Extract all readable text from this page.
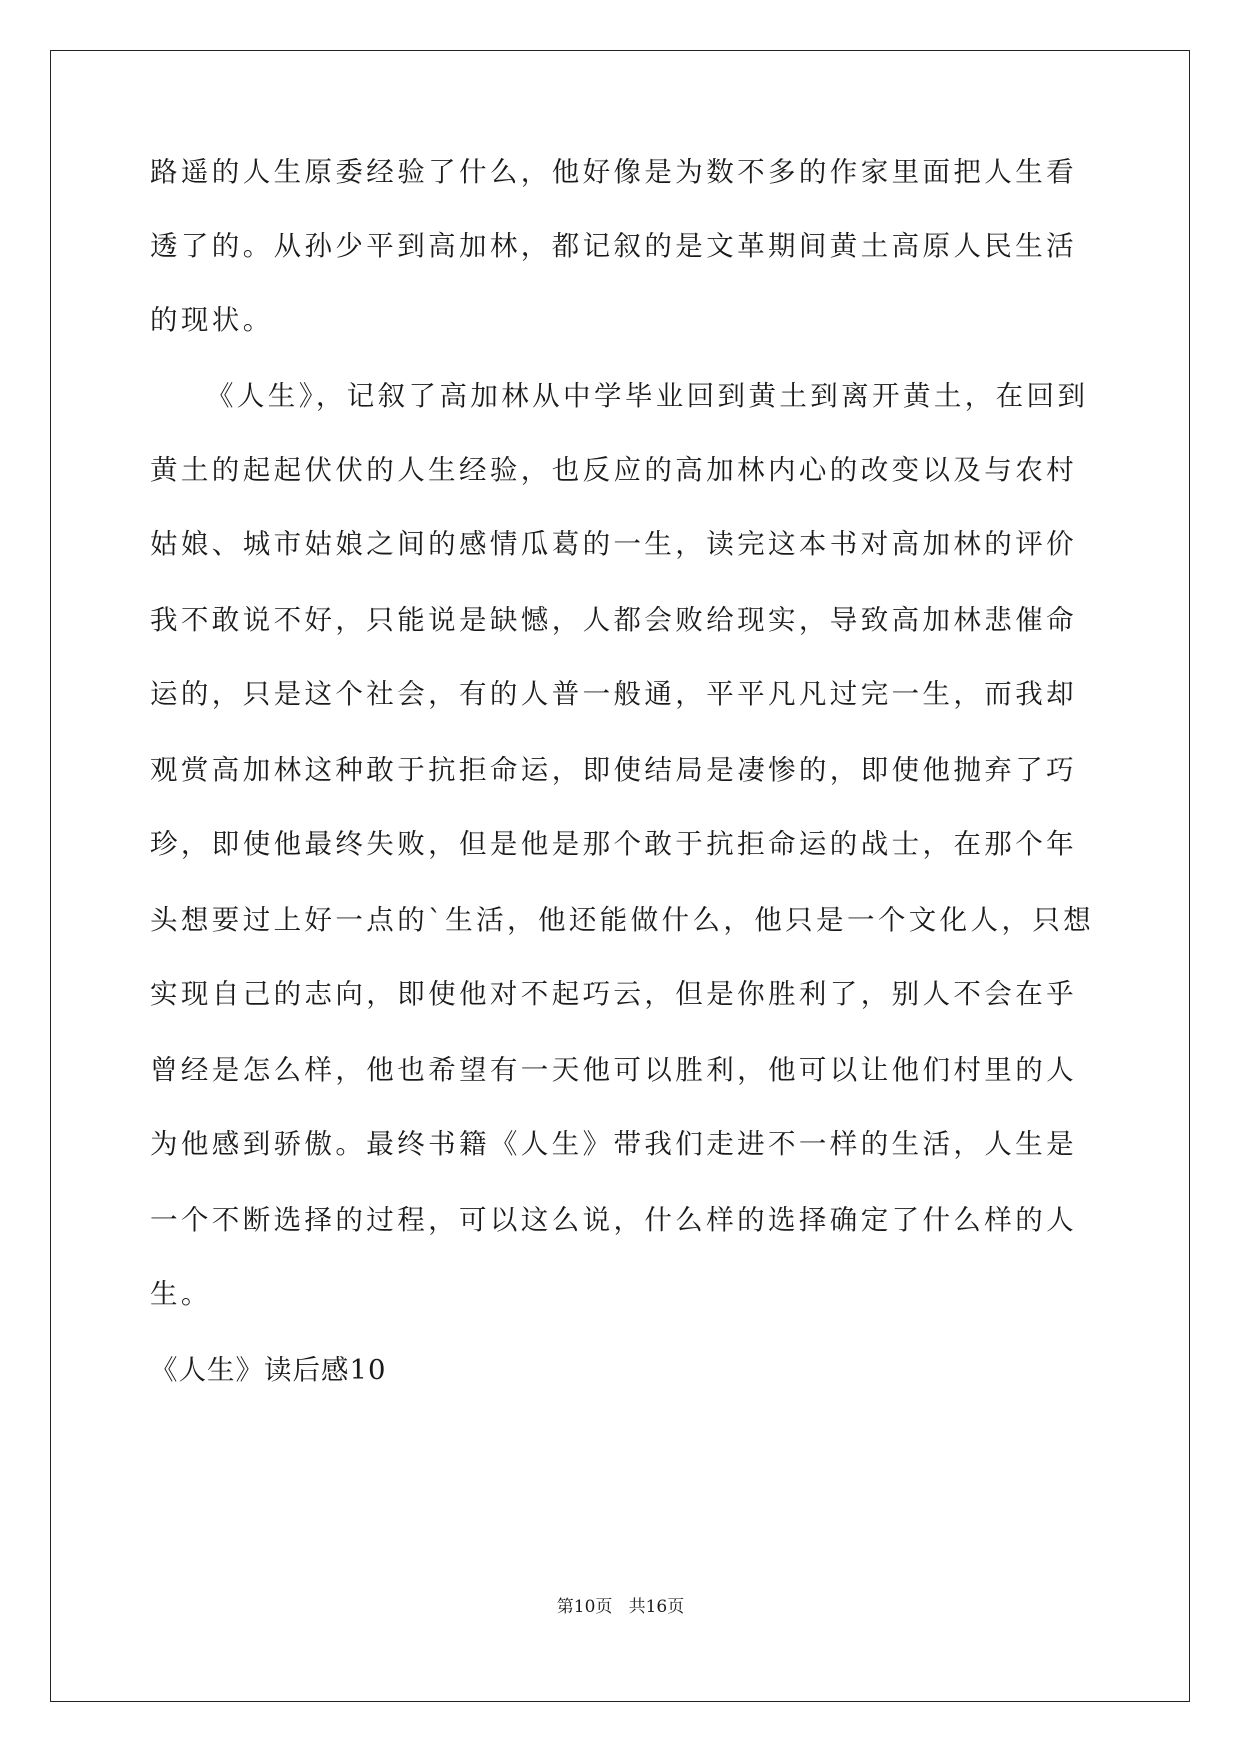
路遥的人生原委经验了什么，他好像是为数不多的作家里面把人生看
透了的。从孙少平到高加林，都记叙的是文革期间黄土高原人民生活
的现状。
《人生》，记叙了高加林从中学毕业回到黄土到离开黄土，在回到
黄土的起起伏伏的人生经验，也反应的高加林内心的改变以及与农村
姑娘、城市姑娘之间的感情瓜葛的一生，读完这本书对高加林的评价
我不敢说不好，只能说是缺憾，人都会败给现实，导致高加林悲催命
运的，只是这个社会，有的人普一般通，平平凡凡过完一生，而我却
观赏高加林这种敢于抗拒命运，即使结局是凄惨的，即使他抛弃了巧
珍，即使他最终失败，但是他是那个敢于抗拒命运的战士，在那个年
头想要过上好一点的`生活，他还能做什么，他只是一个文化人，只想
实现自己的志向，即使他对不起巧云，但是你胜利了，别人不会在乎
曾经是怎么样，他也希望有一天他可以胜利，他可以让他们村里的人
为他感到骄傲。最终书籍《人生》带我们走进不一样的生活，人生是
一个不断选择的过程，可以这么说，什么样的选择确定了什么样的人
生。
《人生》读后感10
第10页   共16页
